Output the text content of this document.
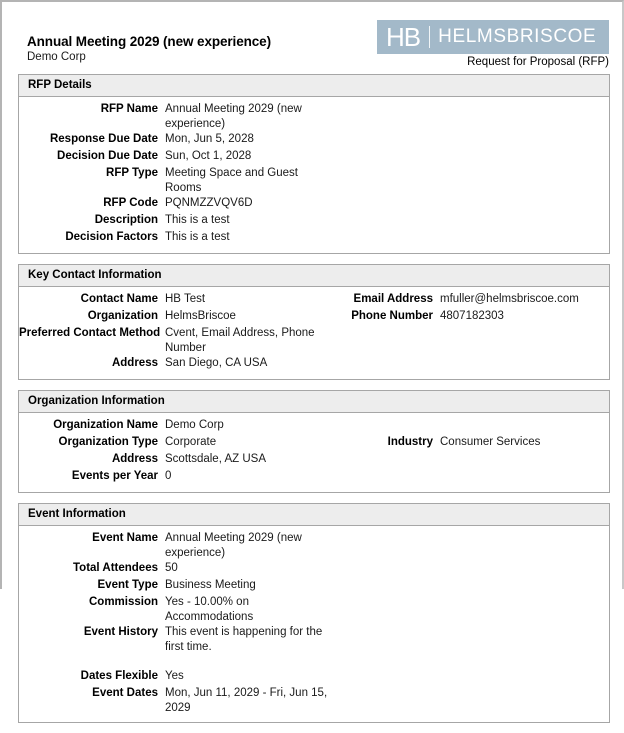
Annual Meeting 2029 (new experience)
Demo Corp
HB HELMSBRISCOE
Request for Proposal (RFP)
RFP Details
RFP Name Annual Meeting 2029 (new experience)
Response Due Date Mon, Jun 5, 2028
Decision Due Date Sun, Oct 1, 2028
RFP Type Meeting Space and Guest Rooms
RFP Code PQNMZZVQV6D
Description This is a test
Decision Factors This is a test
Key Contact Information
Contact Name HB Test	Email Address mfuller@helmsbriscoe.com
Organization HelmsBriscoe	Phone Number 4807182303
Preferred Contact Method Cvent, Email Address, Phone Number
Address San Diego, CA USA
Organization Information
Organization Name Demo Corp
Organization Type Corporate	Industry Consumer Services
Address Scottsdale, AZ USA
Events per Year 0
Event Information
Event Name Annual Meeting 2029 (new experience)
Total Attendees 50
Event Type Business Meeting
Commission Yes - 10.00% on
Accommodations
Event History This event is happening for the
first time.
Dates Flexible Yes
Event Dates Mon, Jun 11, 2029 - Fri, Jun 15, 2029
